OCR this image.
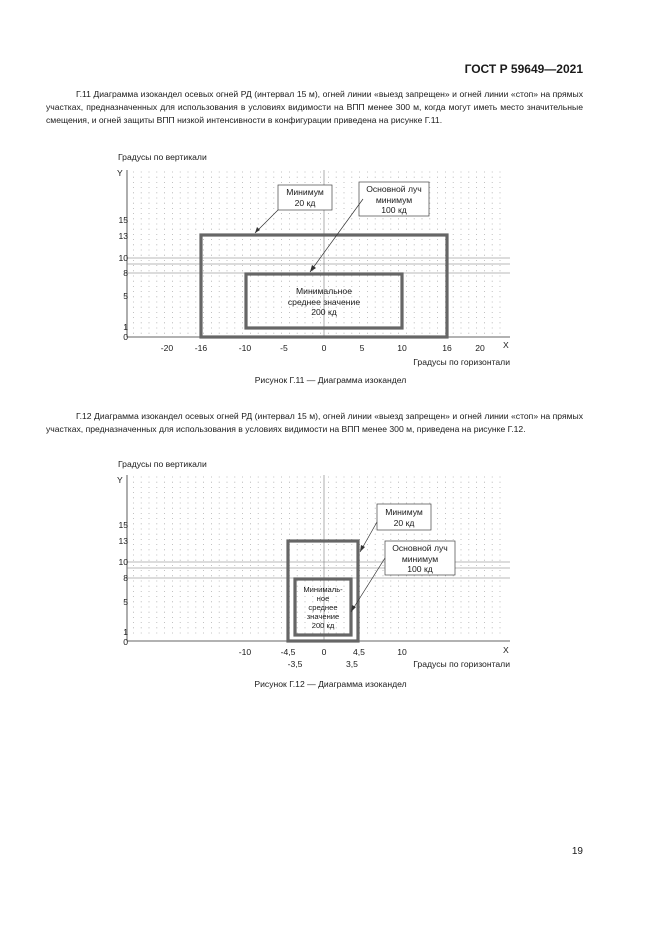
ГОСТ Р 59649—2021

Г.11 Диаграмма изокандел осевых огней РД (интервал 15 м), огней линии «выезд запрещен» и огней линии «стоп» на прямых участках, предназначенных для использования в условиях видимости на ВПП менее 300 м, когда могут иметь место значительные смещения, и огней защиты ВПП низкой интенсивности в конфигурации приведена на рисунке Г.11.

Градусы по вертикали
Y
X
15
13
10
8
5
1
0
-20	-16	-10	-5	0	5	10	16	20
Градусы по горизонтали
Минимум
20 кд
Основной луч
минимум
100 кд
Минимальное
среднее значение
200 кд
Рисунок Г.11 — Диаграмма изокандел

Г.12 Диаграмма изокандел осевых огней РД (интервал 15 м), огней линии «выезд запрещен» и огней линии «стоп» на прямых участках, предназначенных для использования в условиях видимости на ВПП менее 300 м, приведена на рисунке Г.12.

Градусы по вертикали
Y
X
15
13
10
8
5
1
0
-10	-4,5	0	4,5	10
-3,5	3,5	Градусы по горизонтали
Минимум
20 кд
Основной луч
минимум
100 кд
Минималь-
ное
среднее
значение
200 кд
Рисунок Г.12 — Диаграмма изокандел
19
